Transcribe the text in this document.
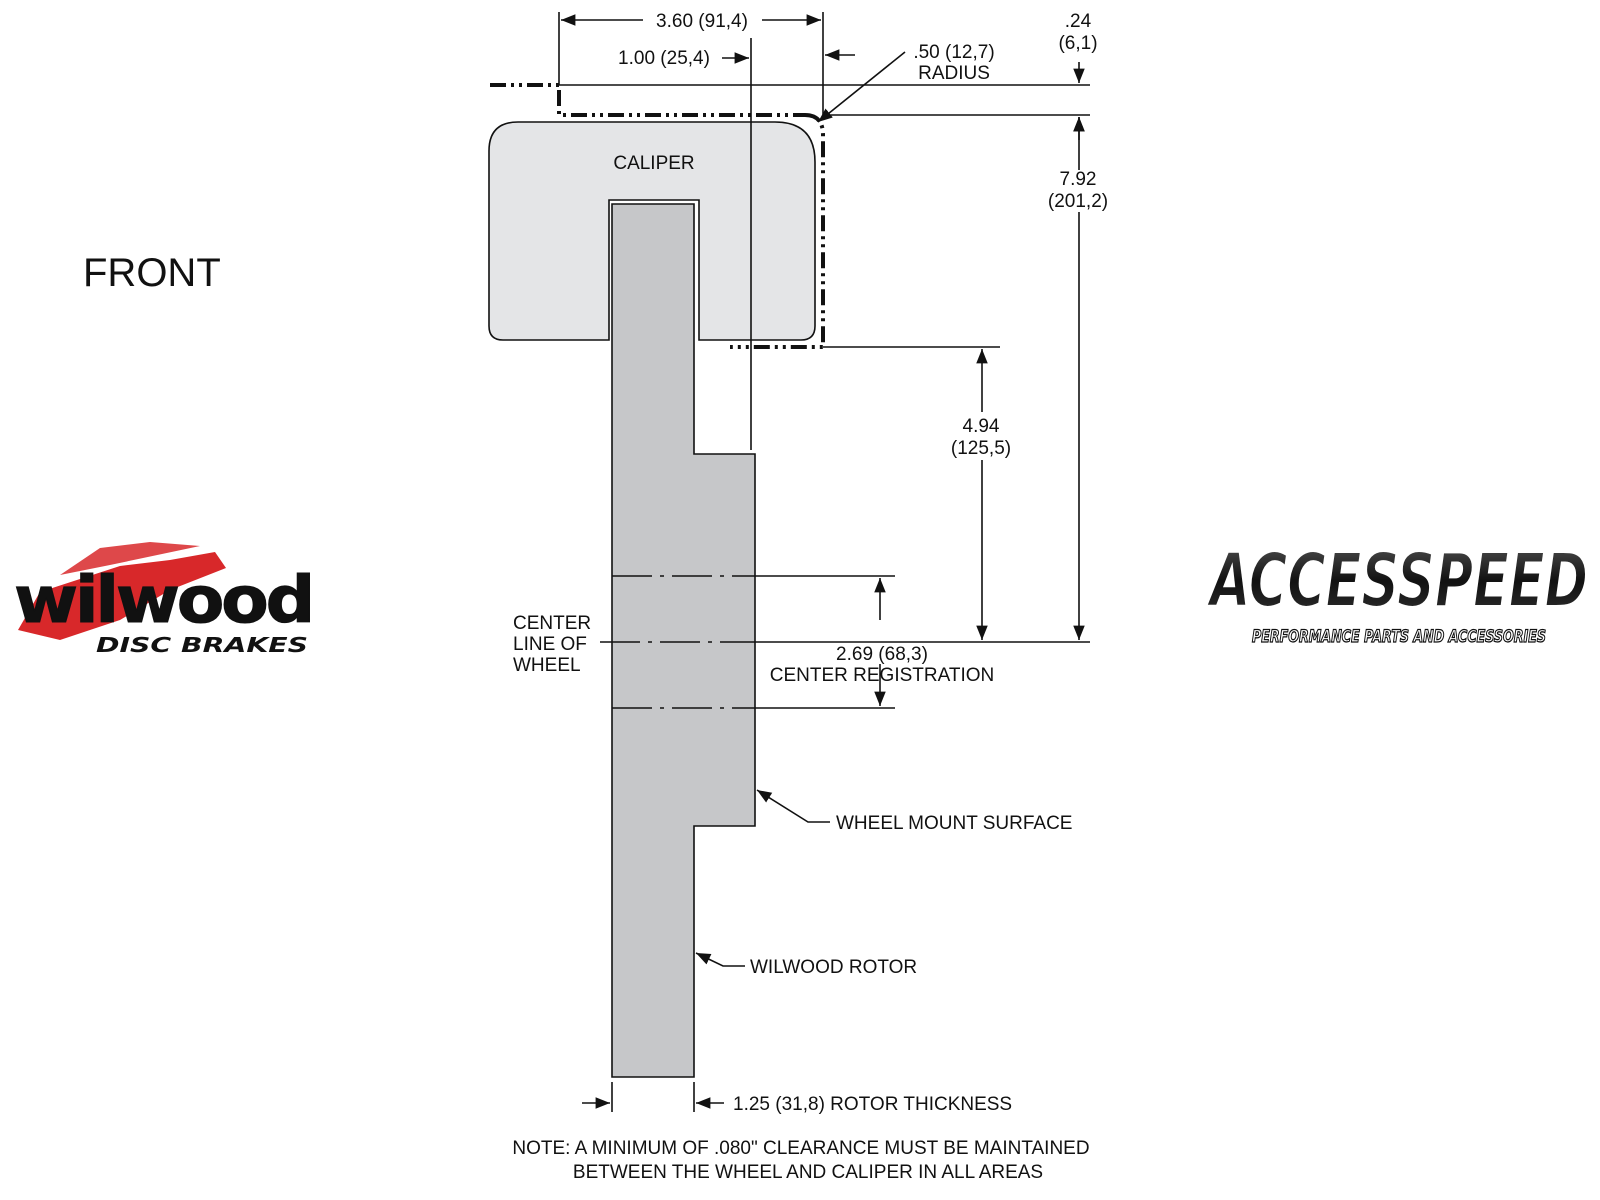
CALIPER
3.60 (91,4)
1.00 (25,4)	.50 (12,7)
RADIUS
.24
(6,1)
7.92
(201,2)
4.94
(125,5)
2.69 (68,3)
CENTER REGISTRATION
CENTER
LINE OF
WHEEL
WHEEL MOUNT SURFACE
WILWOOD ROTOR
1.25 (31,8) ROTOR THICKNESS
NOTE: A MINIMUM OF .080" CLEARANCE MUST BE MAINTAINED
BETWEEN THE WHEEL AND CALIPER IN ALL AREAS
FRONT
wilwood
DISC BRAKES
ACCESSPEED
PERFORMANCE PARTS AND ACCESSORIES
